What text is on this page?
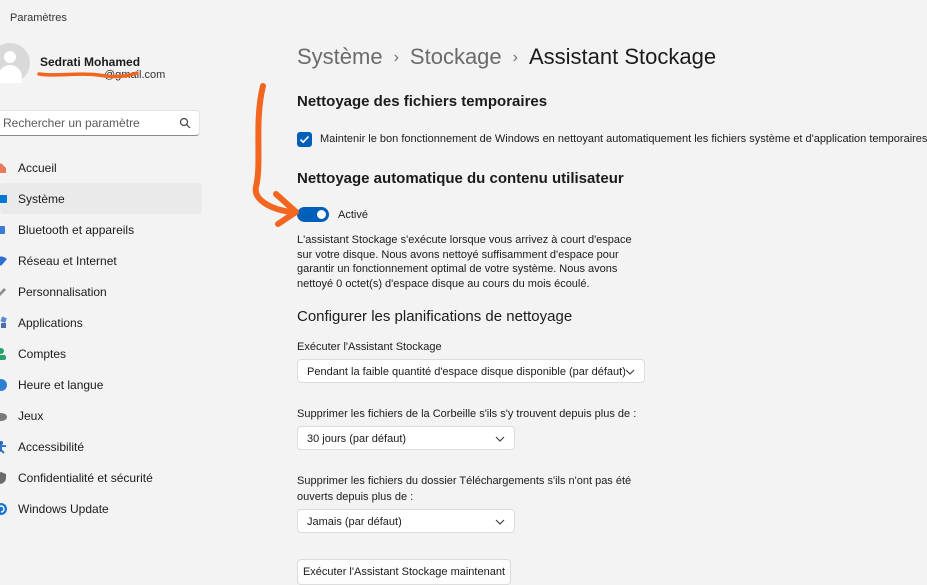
Paramètres
Sedrati Mohamed
@gmail.com
Rechercher un paramètre
Accueil
Système
Bluetooth et appareils
Réseau et Internet
Personnalisation
Applications
Comptes
Heure et langue
Jeux
Accessibilité
Confidentialité et sécurité
Windows Update
Système › Stockage › Assistant Stockage
Nettoyage des fichiers temporaires
Maintenir le bon fonctionnement de Windows en nettoyant automatiquement les fichiers système et d'application temporaires
Nettoyage automatique du contenu utilisateur
Activé
L'assistant Stockage s'exécute lorsque vous arrivez à court d'espace sur votre disque. Nous avons nettoyé suffisamment d'espace pour garantir un fonctionnement optimal de votre système. Nous avons nettoyé 0 octet(s) d'espace disque au cours du mois écoulé.
Configurer les planifications de nettoyage
Exécuter l'Assistant Stockage
Pendant la faible quantité d'espace disque disponible (par défaut)
Supprimer les fichiers de la Corbeille s'ils s'y trouvent depuis plus de :
30 jours (par défaut)
Supprimer les fichiers du dossier Téléchargements s'ils n'ont pas été ouverts depuis plus de :
Jamais (par défaut)
Exécuter l'Assistant Stockage maintenant
